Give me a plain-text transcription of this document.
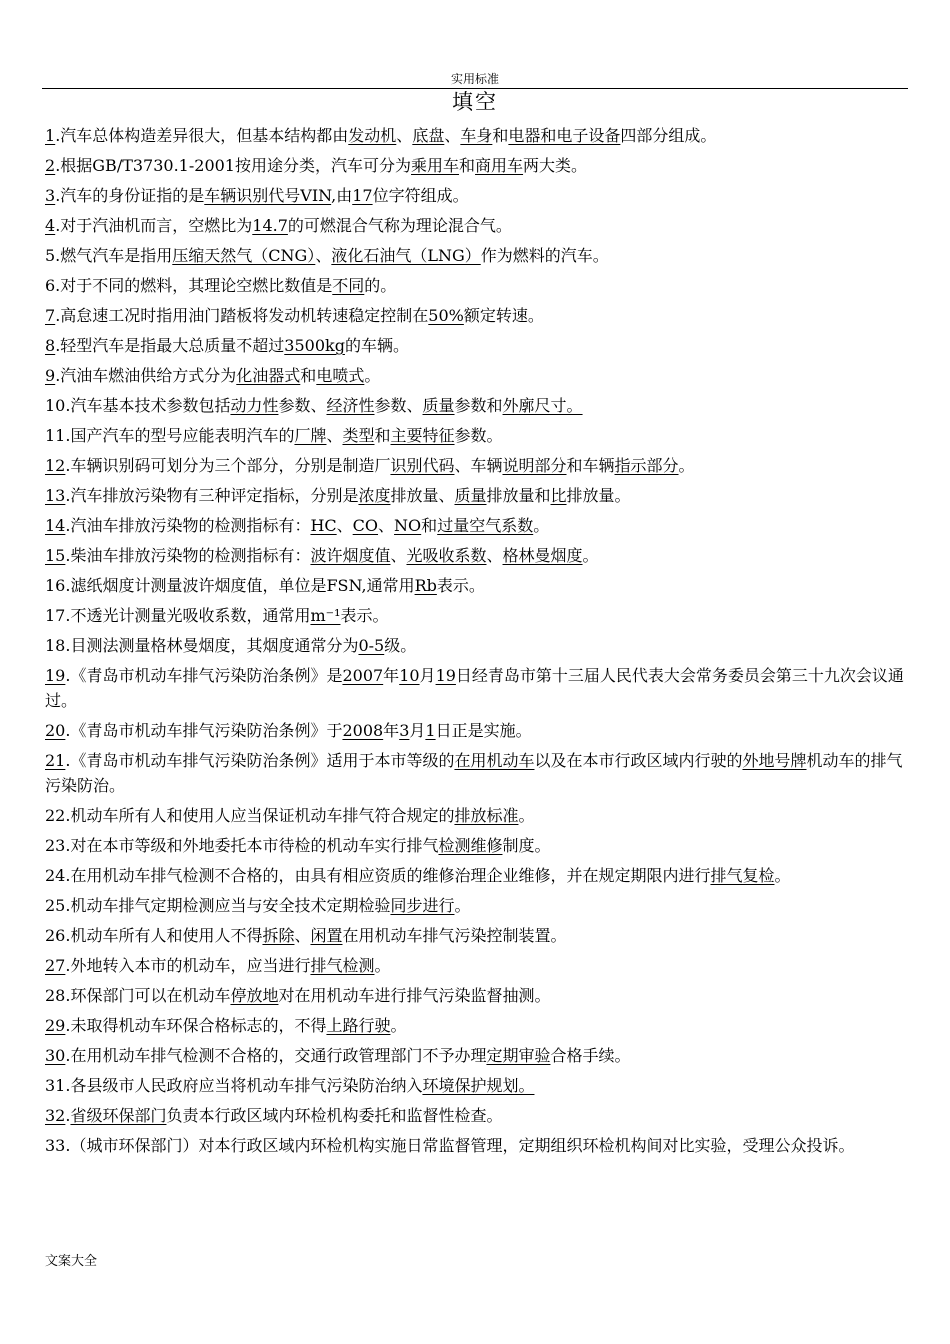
实用标准
填空

1.汽车总体构造差异很大，但基本结构都由发动机、底盘、车身和电器和电子设备四部分组成。

2.根据GB/T3730.1-2001按用途分类，汽车可分为乘用车和商用车两大类。

3.汽车的身份证指的是车辆识别代号VIN,由17位字符组成。

4.对于汽油机而言，空燃比为14.7的可燃混合气称为理论混合气。

5.燃气汽车是指用压缩天然气（CNG）、液化石油气（LNG）作为燃料的汽车。

6.对于不同的燃料，其理论空燃比数值是不同的。

7.高怠速工况时指用油门踏板将发动机转速稳定控制在50%额定转速。

8.轻型汽车是指最大总质量不超过3500kg的车辆。

9.汽油车燃油供给方式分为化油器式和电喷式。

10.汽车基本技术参数包括动力性参数、经济性参数、质量参数和外廓尺寸。

11.国产汽车的型号应能表明汽车的厂牌、类型和主要特征参数。

12.车辆识别码可划分为三个部分，分别是制造厂识别代码、车辆说明部分和车辆指示部分。

13.汽车排放污染物有三种评定指标，分别是浓度排放量、质量排放量和比排放量。

14.汽油车排放污染物的检测指标有：HC、CO、NO和过量空气系数。

15.柴油车排放污染物的检测指标有：波许烟度值、光吸收系数、格林曼烟度。

16.滤纸烟度计测量波许烟度值，单位是FSN,通常用Rb表示。

17.不透光计测量光吸收系数，通常用m⁻¹表示。

18.目测法测量格林曼烟度，其烟度通常分为0-5级。

19.《青岛市机动车排气污染防治条例》是2007年10月19日经青岛市第十三届人民代表大会常务委员会第三十九次会议通过。

20.《青岛市机动车排气污染防治条例》于2008年3月1日正是实施。

21.《青岛市机动车排气污染防治条例》适用于本市等级的在用机动车以及在本市行政区域内行驶的外地号牌机动车的排气污染防治。

22.机动车所有人和使用人应当保证机动车排气符合规定的排放标准。

23.对在本市等级和外地委托本市待检的机动车实行排气检测维修制度。

24.在用机动车排气检测不合格的，由具有相应资质的维修治理企业维修，并在规定期限内进行排气复检。

25.机动车排气定期检测应当与安全技术定期检验同步进行。

26.机动车所有人和使用人不得拆除、闲置在用机动车排气污染控制装置。

27.外地转入本市的机动车，应当进行排气检测。

28.环保部门可以在机动车停放地对在用机动车进行排气污染监督抽测。

29.未取得机动车环保合格标志的，不得上路行驶。

30.在用机动车排气检测不合格的，交通行政管理部门不予办理定期审验合格手续。

31.各县级市人民政府应当将机动车排气污染防治纳入环境保护规划。

32.省级环保部门负责本行政区域内环检机构委托和监督性检查。

33.（城市环保部门）对本行政区域内环检机构实施日常监督管理，定期组织环检机构间对比实验，受理公众投诉。

文案大全
